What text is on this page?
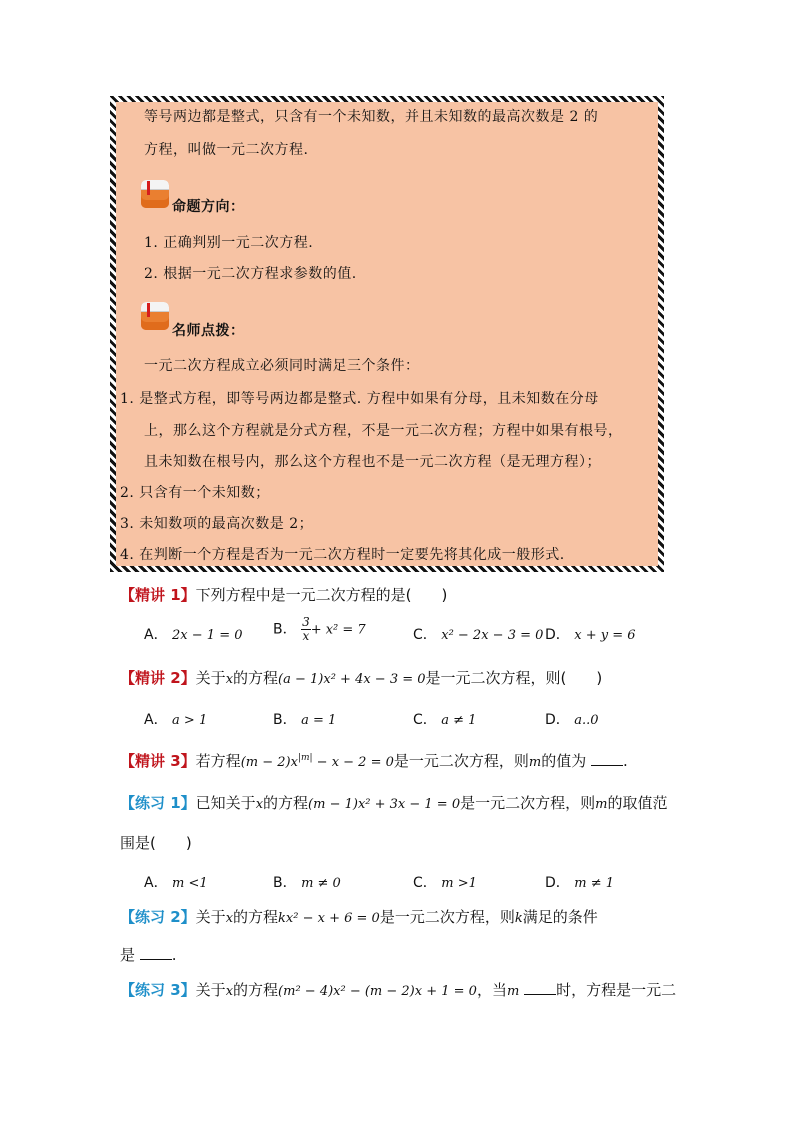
等号两边都是整式，只含有一个未知数，并且未知数的最高次数是 2 的
方程，叫做一元二次方程.
命题方向：
1. 正确判别一元二次方程.
2. 根据一元二次方程求参数的值.
名师点拨：
一元二次方程成立必须同时满足三个条件：
1. 是整式方程，即等号两边都是整式. 方程中如果有分母，且未知数在分母
上，那么这个方程就是分式方程，不是一元二次方程；方程中如果有根号，
且未知数在根号内，那么这个方程也不是一元二次方程（是无理方程）；
2. 只含有一个未知数；
3. 未知数项的最高次数是 2；
4. 在判断一个方程是否为一元二次方程时一定要先将其化成一般形式.
【精讲 1】下列方程中是一元二次方程的是(　　)
A． 2x − 1 = 0 B． $\frac{3}{x} + x^2 = 7$	C． x² − 2x − 3 = 0 D． x + y = 6
【精讲 2】关于x的方程(a − 1)x² + 4x − 3 = 0是一元二次方程，则(　　)
A． a > 1	B． a = 1	C． a ≠ 1	D． a..0
【精讲 3】若方程$(m - 2)x^{|m|} - x - 2 = 0$是一元二次方程，则m的值为 .
【练习 1】已知关于x的方程(m − 1)x² + 3x − 1 = 0是一元二次方程，则m的取值范
围是(　　)
A． m <1	B． m ≠ 0	C． m >1	D． m ≠ 1
【练习 2】关于x的方程kx² − x + 6 = 0是一元二次方程，则k满足的条件
是 .
【练习 3】关于x的方程(m² − 4)x² − (m − 2)x + 1 = 0，当m 时，方程是一元二
